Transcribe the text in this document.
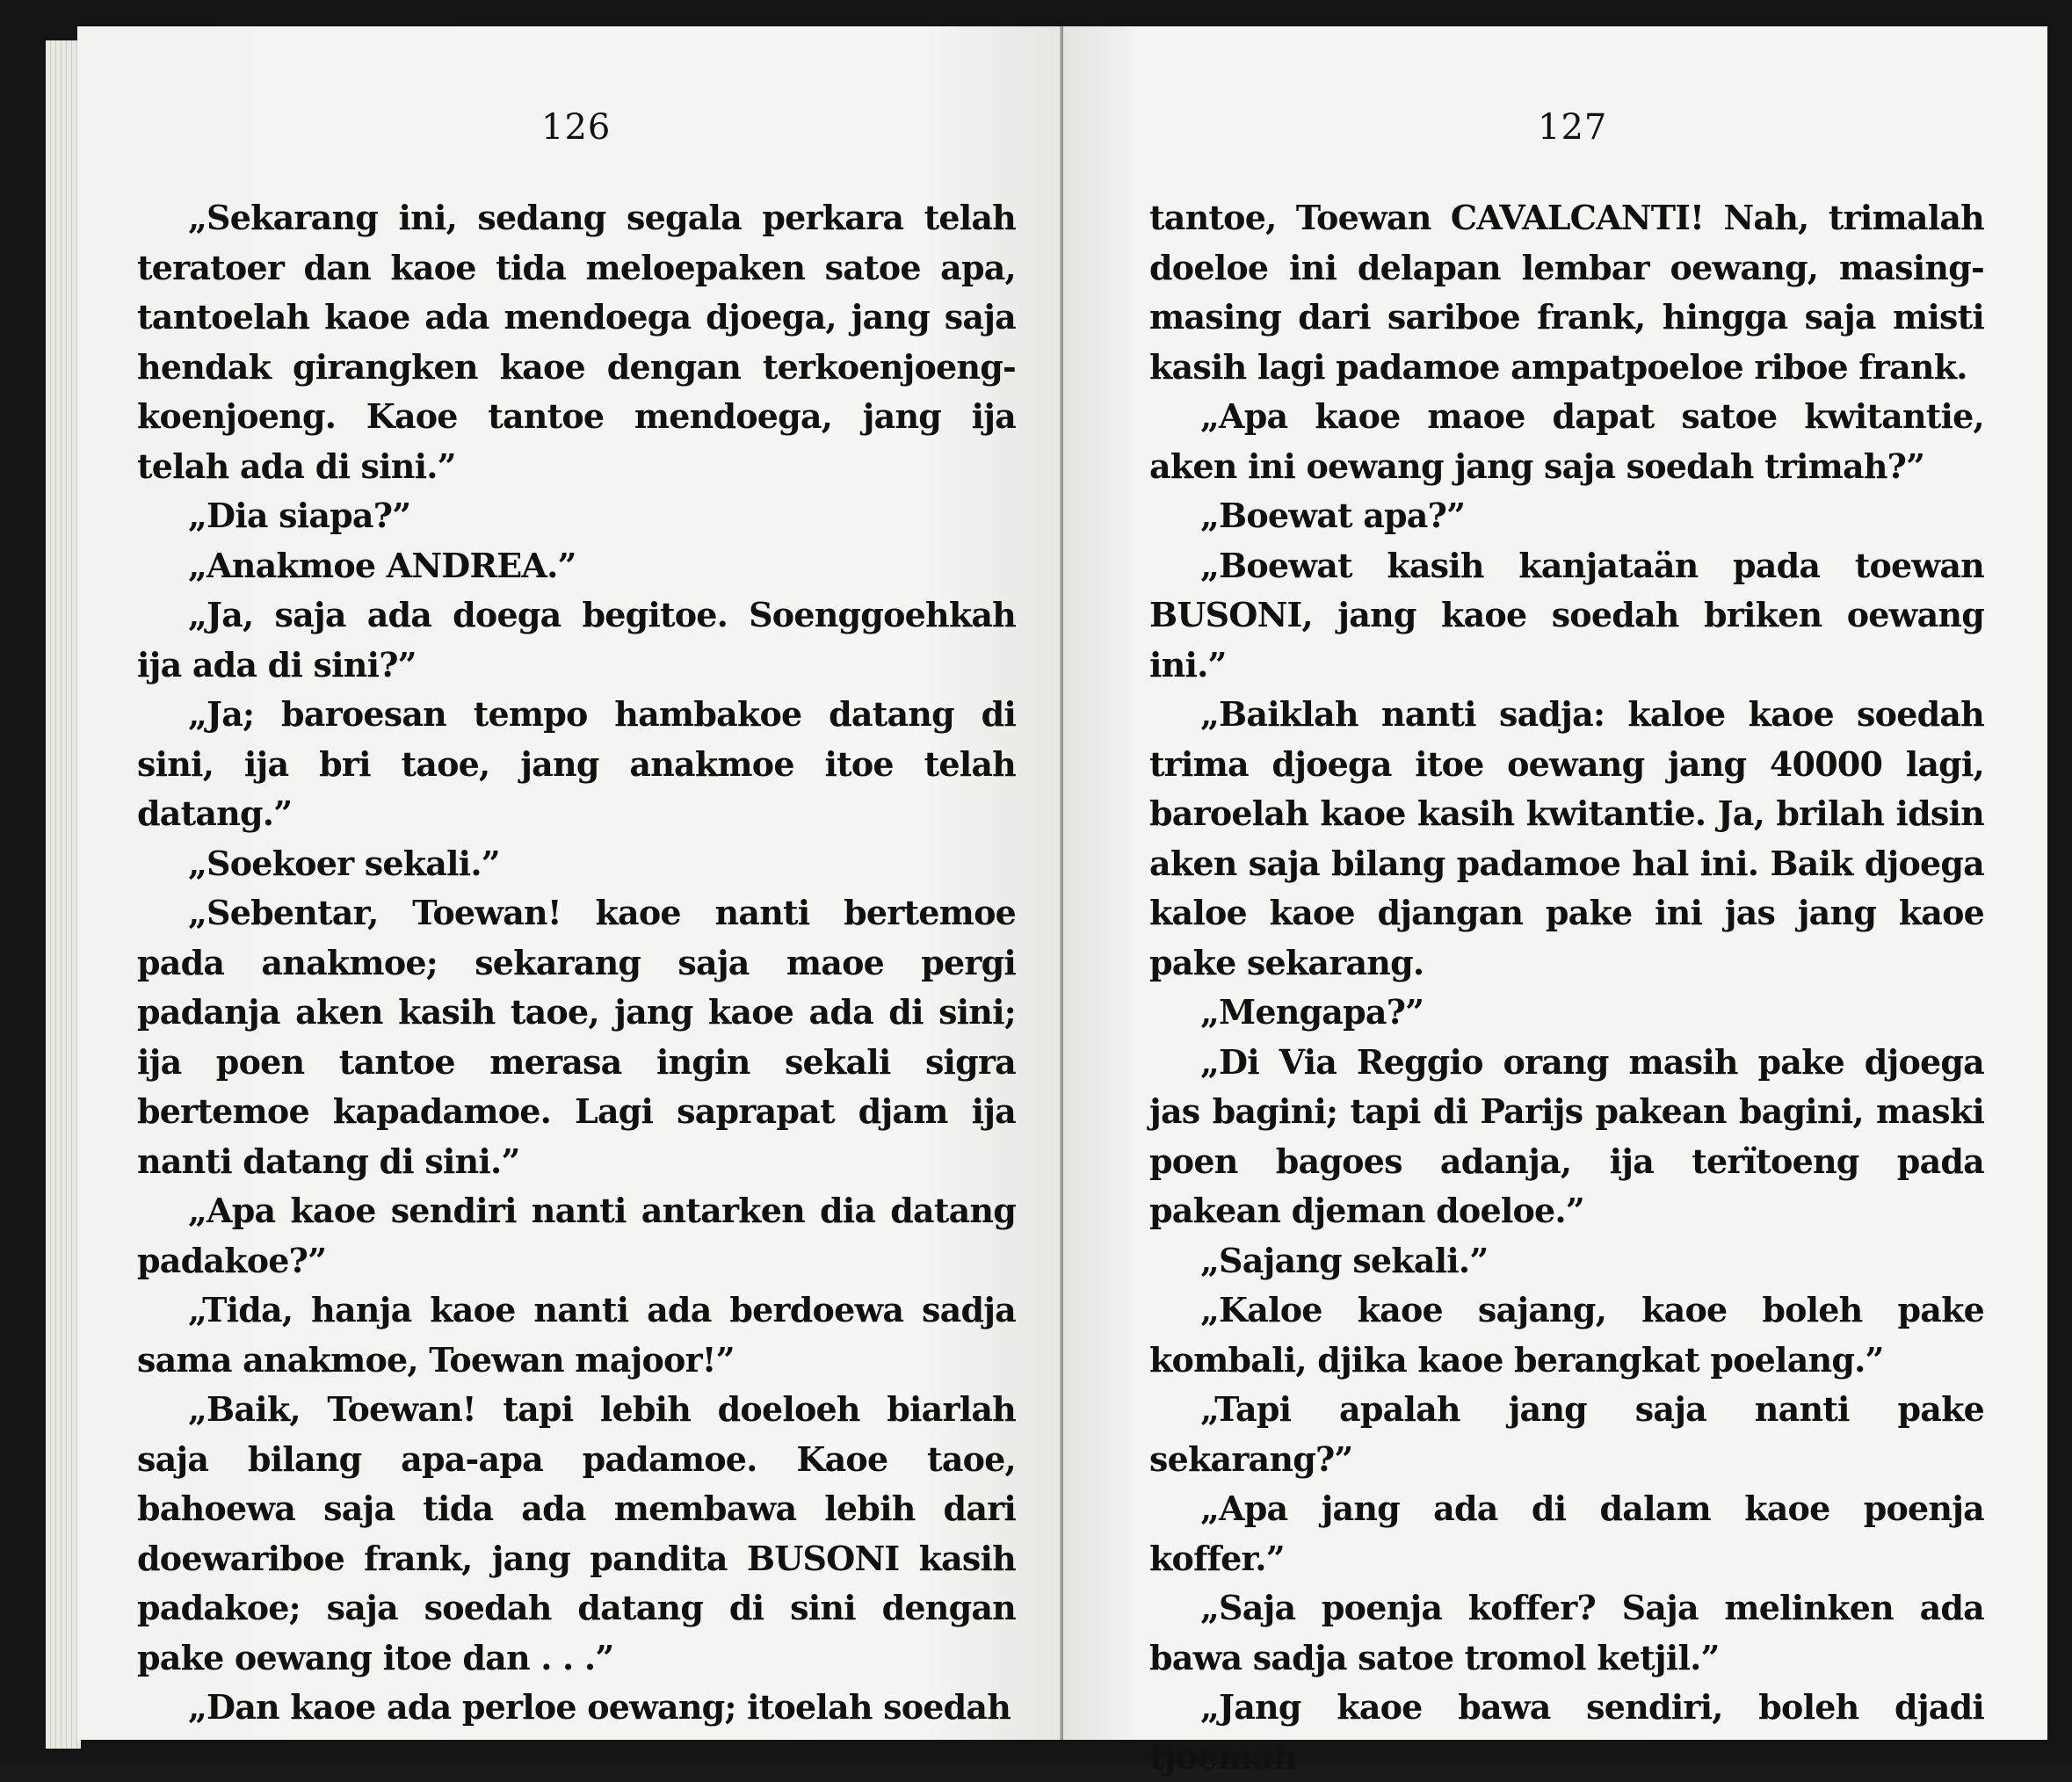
126

„Sekarang ini, sedang segala perkara telah teratoer dan kaoe tida meloepaken satoe apa, tantoelah kaoe ada mendoega djoega, jang saja hendak girangken kaoe dengan terkoenjoeng-koenjoeng. Kaoe tantoe mendoega, jang ija telah ada di sini.”

„Dia siapa?”

„Anakmoe ANDREA.”

„Ja, saja ada doega begitoe. Soenggoehkah ija ada di sini?”

„Ja; baroesan tempo hambakoe datang di sini, ija bri taoe, jang anakmoe itoe telah datang.”

„Soekoer sekali.”

„Sebentar, Toewan! kaoe nanti bertemoe pada anakmoe; sekarang saja maoe pergi padanja aken kasih taoe, jang kaoe ada di sini; ija poen tantoe merasa ingin sekali sigra bertemoe kapadamoe. Lagi saprapat djam ija nanti datang di sini.”

„Apa kaoe sendiri nanti antarken dia datang padakoe?”

„Tida, hanja kaoe nanti ada berdoewa sadja sama anakmoe, Toewan majoor!”

„Baik, Toewan! tapi lebih doeloeh biarlah saja bilang apa-apa padamoe. Kaoe taoe, bahoewa saja tida ada membawa lebih dari doewariboe frank, jang pandita BUSONI kasih padakoe; saja soedah datang di sini dengan pake oewang itoe dan . . .”

„Dan kaoe ada perloe oewang; itoelah soedah

127

tantoe, Toewan CAVALCANTI! Nah, trimalah doeloe ini delapan lembar oewang, masing-masing dari sariboe frank, hingga saja misti kasih lagi padamoe ampatpoeloe riboe frank.

„Apa kaoe maoe dapat satoe kwitantie, aken ini oewang jang saja soedah trimah?”

„Boewat apa?”

„Boewat kasih kanjataän pada toewan BUSONI, jang kaoe soedah briken oewang ini.”

„Baiklah nanti sadja: kaloe kaoe soedah trima djoega itoe oewang jang 40000 lagi, baroelah kaoe kasih kwitantie. Ja, brilah idsin aken saja bilang padamoe hal ini. Baik djoega kaloe kaoe djangan pake ini jas jang kaoe pake sekarang.

„Mengapa?”

„Di Via Reggio orang masih pake djoega jas bagini; tapi di Parijs pakean bagini, maski poen bagoes adanja, ija terïtoeng pada pakean djeman doeloe.”

„Sajang sekali.”

„Kaloe kaoe sajang, kaoe boleh pake kombali, djika kaoe berangkat poelang.”

„Tapi apalah jang saja nanti pake sekarang?”

„Apa jang ada di dalam kaoe poenja koffer.”

„Saja poenja koffer? Saja melinken ada bawa sadja satoe tromol ketjil.”

„Jang kaoe bawa sendiri, boleh djadi tjoemah
